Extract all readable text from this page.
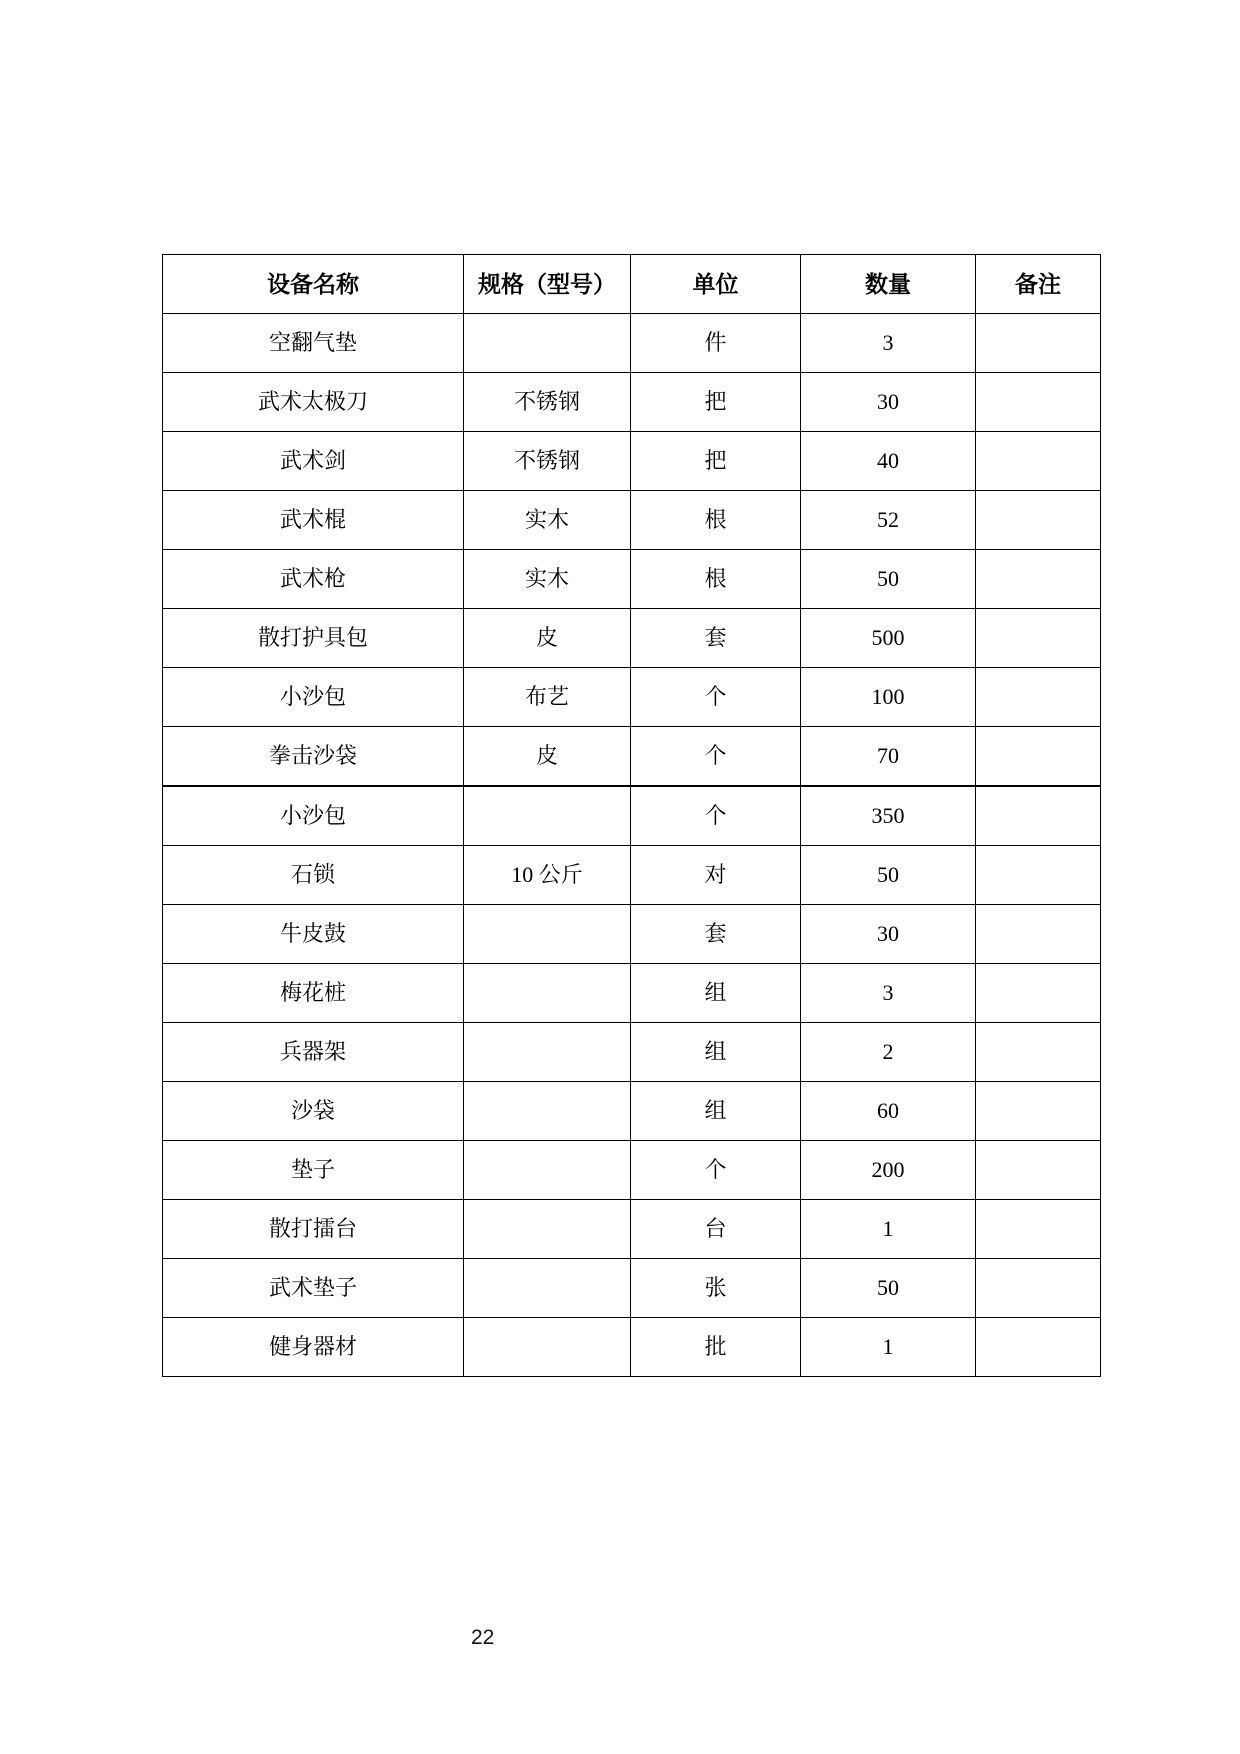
设备名称	规格（型号）	单位	数量	备注
空翻气垫		件	3	
武术太极刀	不锈钢	把	30	
武术剑	不锈钢	把	40	
武术棍	实木	根	52	
武术枪	实木	根	50	
散打护具包	皮	套	500	
小沙包	布艺	个	100	
拳击沙袋	皮	个	70	
小沙包		个	350	
石锁	10 公斤	对	50	
牛皮鼓		套	30	
梅花桩		组	3	
兵器架		组	2	
沙袋		组	60	
垫子		个	200	
散打擂台		台	1	
武术垫子		张	50	
健身器材		批	1	
22
